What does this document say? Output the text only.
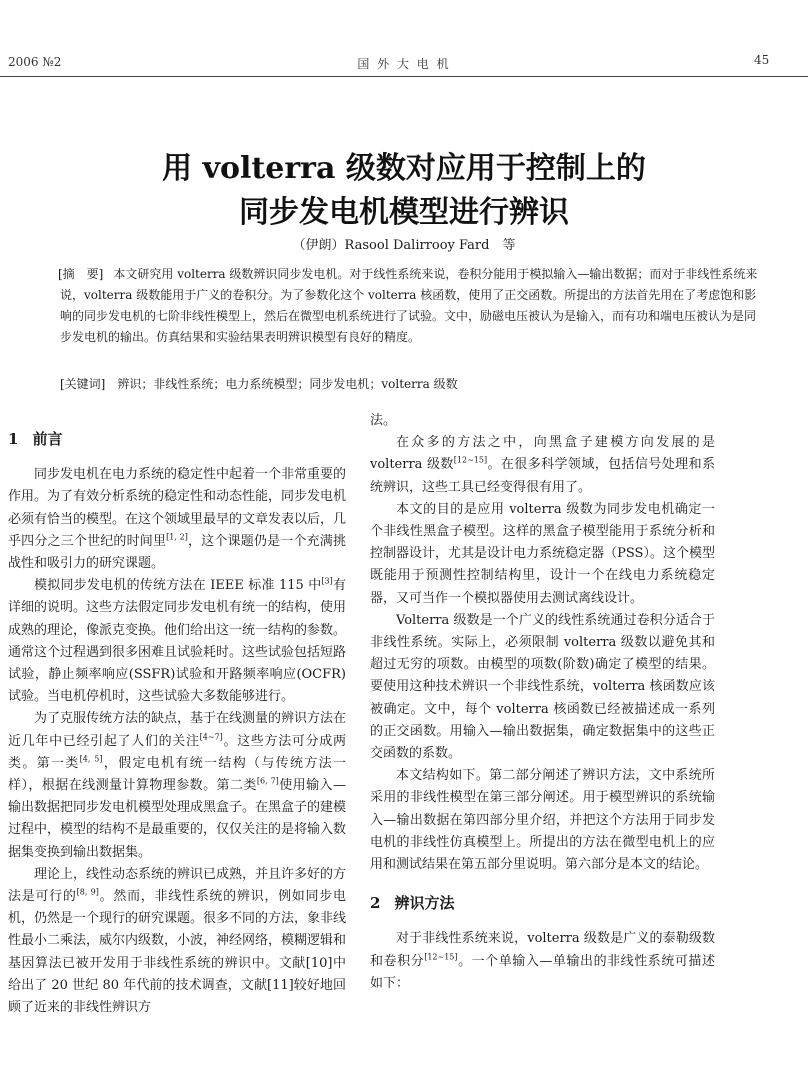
2006 №2	国 外 大 电 机	45
用 volterra 级数对应用于控制上的
同步发电机模型进行辨识
（伊朗）Rasool Dalirrooy Fard　等
[摘　要] 本文研究用 volterra 级数辨识同步发电机。对于线性系统来说，卷积分能用于模拟输入—输出数据；而对于非线性系统来说，volterra 级数能用于广义的卷积分。为了参数化这个 volterra 核函数，使用了正交函数。所提出的方法首先用在了考虑饱和影响的同步发电机的七阶非线性模型上，然后在微型电机系统进行了试验。文中，励磁电压被认为是输入，而有功和端电压被认为是同步发电机的输出。仿真结果和实验结果表明辨识模型有良好的精度。
[关键词]　 辨识；非线性系统；电力系统模型；同步发电机；volterra 级数

1 前言

同步发电机在电力系统的稳定性中起着一个非常重要的作用。为了有效分析系统的稳定性和动态性能，同步发电机必须有恰当的模型。在这个领域里最早的文章发表以后，几乎四分之三个世纪的时间里[1, 2]，这个课题仍是一个充满挑战性和吸引力的研究课题。

模拟同步发电机的传统方法在 IEEE 标准 115 中[3]有详细的说明。这些方法假定同步发电机有统一的结构，使用成熟的理论，像派克变换。他们给出这一统一结构的参数。通常这个过程遇到很多困难且试验耗时。这些试验包括短路试验，静止频率响应(SSFR)试验和开路频率响应(OCFR)试验。当电机停机时，这些试验大多数能够进行。

为了克服传统方法的缺点，基于在线测量的辨识方法在近几年中已经引起了人们的关注[4~7]。这些方法可分成两类。第一类[4, 5]，假定电机有统一结构（与传统方法一样），根据在线测量计算物理参数。第二类[6, 7]使用输入—输出数据把同步发电机模型处理成黑盒子。在黑盒子的建模过程中，模型的结构不是最重要的，仅仅关注的是将输入数据集变换到输出数据集。

理论上，线性动态系统的辨识已成熟，并且许多好的方法是可行的[8, 9]。然而，非线性系统的辨识，例如同步电机，仍然是一个现行的研究课题。很多不同的方法，象非线性最小二乘法，威尔内级数，小波，神经网络，模糊逻辑和基因算法已被开发用于非线性系统的辨识中。文献[10]中给出了 20 世纪 80 年代前的技术调查，文献[11]较好地回顾了近来的非线性辨识方

法。

在众多的方法之中，向黑盒子建模方向发展的是 volterra 级数[12~15]。在很多科学领域，包括信号处理和系统辨识，这些工具已经变得很有用了。

本文的目的是应用 volterra 级数为同步发电机确定一个非线性黑盒子模型。这样的黑盒子模型能用于系统分析和控制器设计，尤其是设计电力系统稳定器（PSS）。这个模型既能用于预测性控制结构里，设计一个在线电力系统稳定器，又可当作一个模拟器使用去测试离线设计。

Volterra 级数是一个广义的线性系统通过卷积分适合于非线性系统。实际上，必须限制 volterra 级数以避免其和超过无穷的项数。由模型的项数(阶数)确定了模型的结果。要使用这种技术辨识一个非线性系统，volterra 核函数应该被确定。文中，每个 volterra 核函数已经被描述成一系列的正交函数。用输入—输出数据集，确定数据集中的这些正交函数的系数。

本文结构如下。第二部分阐述了辨识方法，文中系统所采用的非线性模型在第三部分阐述。用于模型辨识的系统输入—输出数据在第四部分里介绍，并把这个方法用于同步发电机的非线性仿真模型上。所提出的方法在微型电机上的应用和测试结果在第五部分里说明。第六部分是本文的结论。

2 辨识方法

对于非线性系统来说，volterra 级数是广义的泰勒级数和卷积分[12~15]。一个单输入—单输出的非线性系统可描述如下：
